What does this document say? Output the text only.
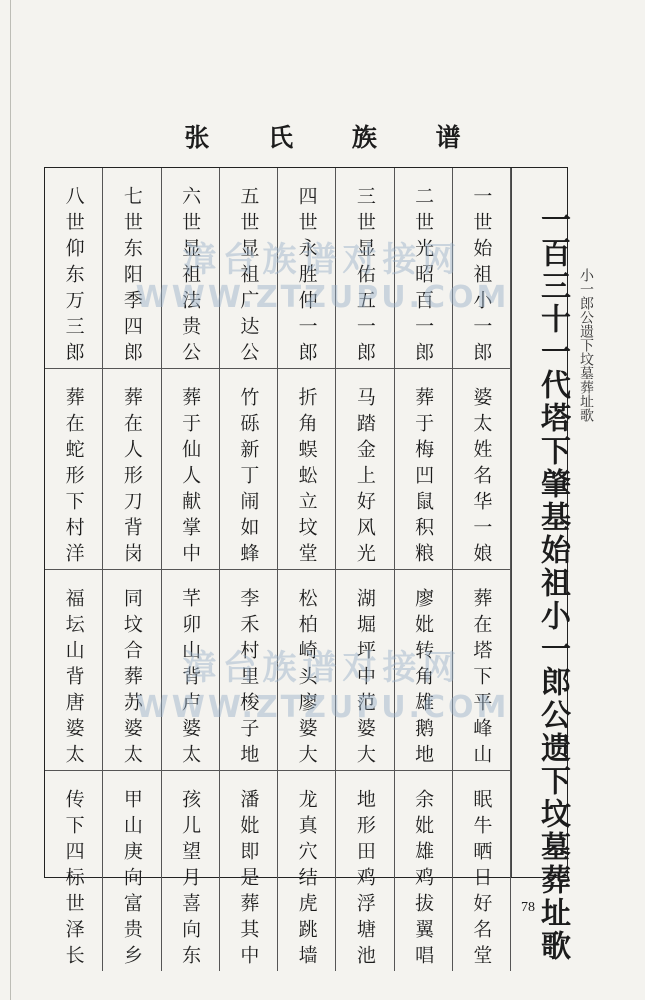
谱 族 氏 张
小一郎公遗下坟墓葬址歌
一百三十一代塔下肇基始祖小一郎公遗下坟墓葬址歌
八世仰东万三郎 七世东阳季四郎 六世显祖法贵公 五世显祖广达公 四世永胜仲一郎 三世显佑五一郎 二世光昭百一郎 一世始祖小一郎
葬在蛇形下村洋 葬在人形刀背岗 葬于仙人献掌中 竹砾新丁闹如蜂 折角蜈蚣立坟堂 马踏金上好风光 葬于梅凹鼠积粮 婆太姓名华一娘
福坛山背唐婆太 同坟合葬苏婆太 芊卯山背卢婆太 李禾村里梭子地 松柏崎头廖婆大 湖堀坪中范婆大 廖妣转角雄鹅地 葬在塔下平峰山
传下四标世泽长 甲山庚向富贵乡 孩儿望月喜向东 潘妣即是葬其中 龙真穴结虎跳墙 地形田鸡浮塘池 余妣雄鸡拔翼唱 眠牛晒日好名堂
漳台族谱对接网
WWW.ZTZUPU.COM
漳台族谱对接网
WWW.ZTZUPU.COM
78
